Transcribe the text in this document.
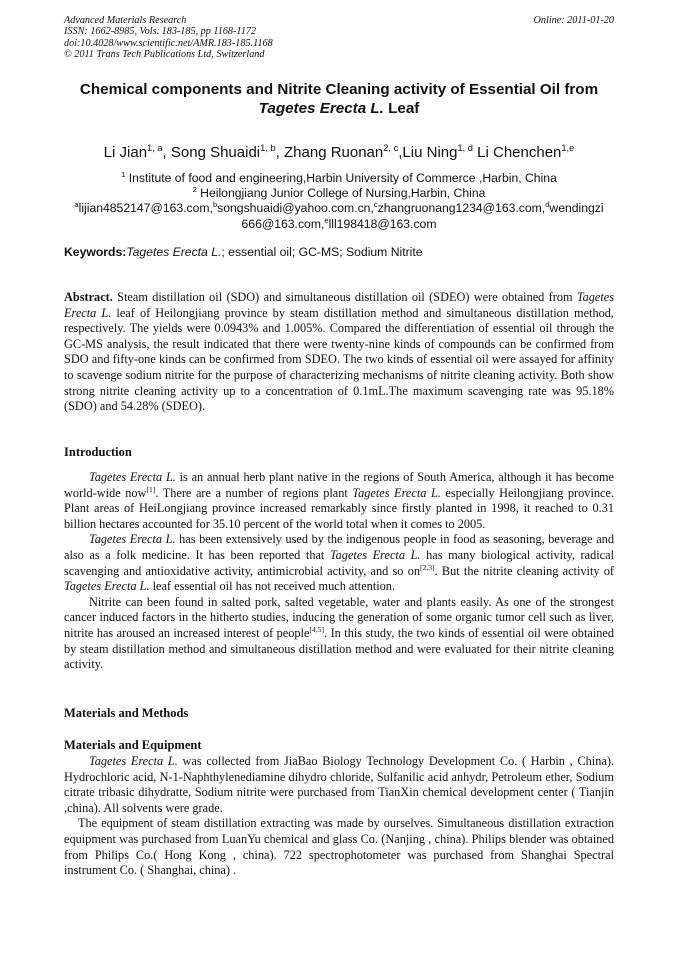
Advanced Materials Research
ISSN: 1662-8985, Vols. 183-185, pp 1168-1172
doi:10.4028/www.scientific.net/AMR.183-185.1168
© 2011 Trans Tech Publications Ltd, Switzerland
Online: 2011-01-20
Chemical components and Nitrite Cleaning activity of Essential Oil from
Tagetes Erecta L. Leaf
Li Jian$^{1, a}$, Song Shuaidi$^{1, b}$, Zhang Ruonan$^{2, c}$,Liu Ning$^{1, d}$ Li Chenchen$^{1,e}$
$^1$ Institute of food and engineering,Harbin University of Commerce ,Harbin, China
$^2$ Heilongjiang Junior College of Nursing,Harbin, China
$^a$lijian4852147@163.com,$^b$songshuaidi@yahoo.com.cn,$^c$zhangruonang1234@163.com,$^d$wendingzi
666@163.com,$^e$lll198418@163.com
Keywords:Tagetes Erecta L.; essential oil; GC-MS; Sodium Nitrite
Abstract. Steam distillation oil (SDO) and simultaneous distillation oil (SDEO) were obtained from Tagetes Erecta L. leaf of Heilongjiang province by steam distillation method and simultaneous distillation method, respectively. The yields were 0.0943% and 1.005%. Compared the differentiation of essential oil through the GC-MS analysis, the result indicated that there were twenty-nine kinds of compounds can be confirmed from SDO and fifty-one kinds can be confirmed from SDEO. The two kinds of essential oil were assayed for affinity to scavenge sodium nitrite for the purpose of characterizing mechanisms of nitrite cleaning activity. Both show strong nitrite cleaning activity up to a concentration of 0.1mL.The maximum scavenging rate was 95.18% (SDO) and 54.28% (SDEO).
Introduction

Tagetes Erecta L. is an annual herb plant native in the regions of South America, although it has become world-wide now[1]. There are a number of regions plant Tagetes Erecta L. especially Heilongjiang province. Plant areas of HeiLongjiang province increased remarkably since firstly planted in 1998, it reached to 0.31 billion hectares accounted for 35.10 percent of the world total when it comes to 2005.

Tagetes Erecta L. has been extensively used by the indigenous people in food as seasoning, beverage and also as a folk medicine. It has been reported that Tagetes Erecta L. has many biological activity, radical scavenging and antioxidative activity, antimicrobial activity, and so on[2,3]. But the nitrite cleaning activity of Tagetes Erecta L. leaf essential oil has not received much attention.

Nitrite can been found in salted pork, salted vegetable, water and plants easily. As one of the strongest cancer induced factors in the hitherto studies, inducing the generation of some organic tumor cell such as liver, nitrite has aroused an increased interest of people[4,5]. In this study, the two kinds of essential oil were obtained by steam distillation method and simultaneous distillation method and were evaluated for their nitrite cleaning activity.

Materials and Methods
Materials and Equipment

Tagetes Erecta L. was collected from JiaBao Biology Technology Development Co. ( Harbin , China). Hydrochloric acid, N-1-Naphthylenediamine dihydro chloride, Sulfanilic acid anhydr, Petroleum ether, Sodium citrate tribasic dihydratte, Sodium nitrite were purchased from TianXin chemical development center ( Tianjin ,china). All solvents were grade.

The equipment of steam distillation extracting was made by ourselves. Simultaneous distillation extraction equipment was purchased from LuanYu chemical and glass Co. (Nanjing , china). Philips blender was obtained from Philips Co.( Hong Kong , china). 722 spectrophotometer was purchased from Shanghai Spectral instrument Co. ( Shanghai, china) .
